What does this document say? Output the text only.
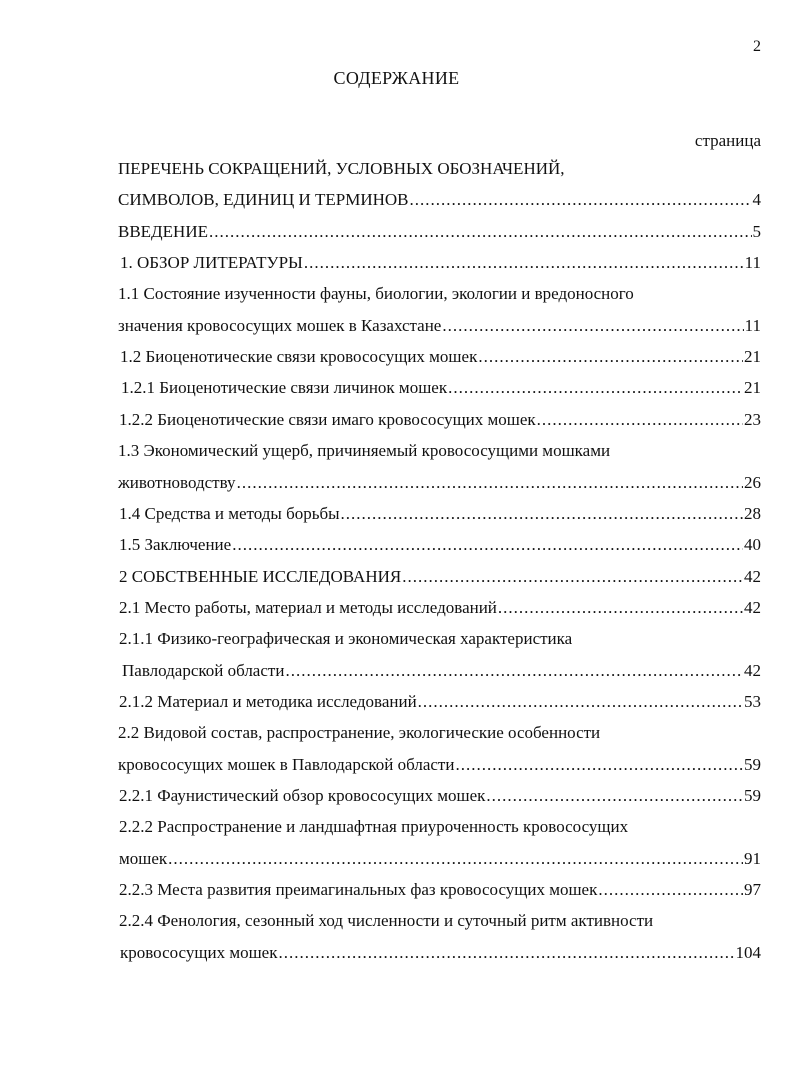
2
СОДЕРЖАНИЕ
страница
ПЕРЕЧЕНЬ СОКРАЩЕНИЙ, УСЛОВНЫХ ОБОЗНАЧЕНИЙ,
СИМВОЛОВ, ЕДИНИЦ И ТЕРМИНОВ .....	4
ВВЕДЕНИЕ .....	5
1. ОБЗОР ЛИТЕРАТУРЫ .....	11
1.1 Состояние изученности фауны, биологии, экологии и вредоносного
значения кровососущих мошек в Казахстане .....	11
1.2 Биоценотические связи кровососущих мошек .....	21
1.2.1 Биоценотические связи личинок мошек .....	21
1.2.2 Биоценотические связи имаго кровососущих мошек .....	23
1.3 Экономический ущерб, причиняемый кровососущими мошками
животноводству .....	26
1.4 Средства и методы борьбы .....	28
1.5 Заключение .....	40
2 СОБСТВЕННЫЕ ИССЛЕДОВАНИЯ .....	42
2.1 Место работы, материал и методы исследований .....	42
2.1.1 Физико-географическая и экономическая характеристика
Павлодарской области .....	42
2.1.2 Материал и методика исследований .....	53
2.2 Видовой состав, распространение, экологические особенности
кровососущих мошек в Павлодарской области .....	59
2.2.1 Фаунистический обзор кровососущих мошек .....	59
2.2.2 Распространение и ландшафтная приуроченность кровососущих
мошек .....	91
2.2.3 Места развития преимагинальных фаз кровососущих мошек .....	97
2.2.4 Фенология, сезонный ход численности и суточный ритм активности
кровососущих мошек .....	104
